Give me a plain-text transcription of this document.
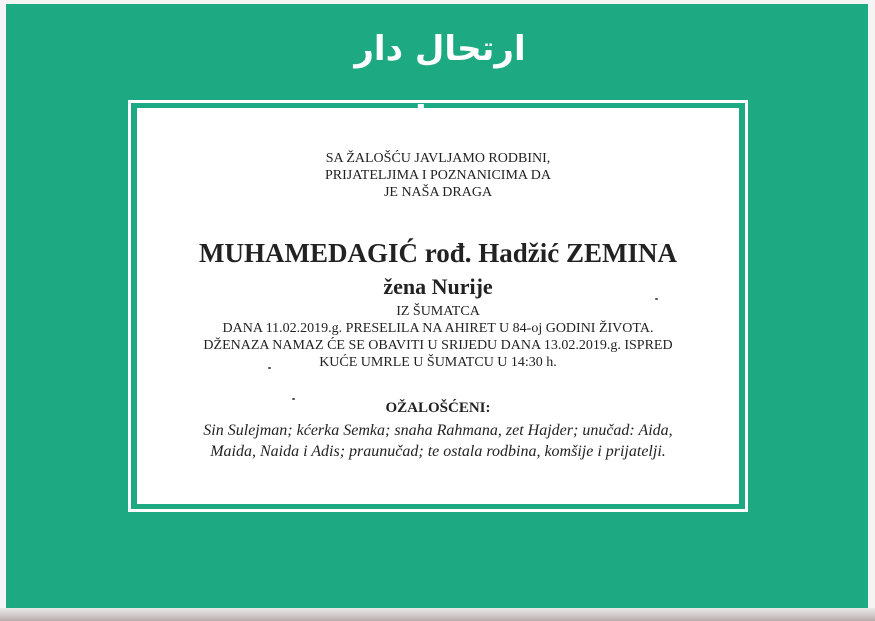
ارتحال دار
SA ŽALOŠĆU JAVLJAMO RODBINI,
PRIJATELJIMA I POZNANICIMA DA
JE NAŠA DRAGA
MUHAMEDAGIĆ rođ. Hadžić ZEMINA
žena Nurije
IZ ŠUMATCA
DANA 11.02.2019.g. PRESELILA NA AHIRET U 84-oj GODINI ŽIVOTA.
DŽENAZA NAMAZ ĆE SE OBAVITI U SRIJEDU DANA 13.02.2019.g. ISPRED
KUĆE UMRLE U ŠUMATCU U 14:30 h.
OŽALOŠĆENI:
Sin Sulejman; kćerka Semka; snaha Rahmana, zet Hajder; unučad: Aida,
Maida, Naida i Adis; praunučad; te ostala rodbina, komšije i prijatelji.
